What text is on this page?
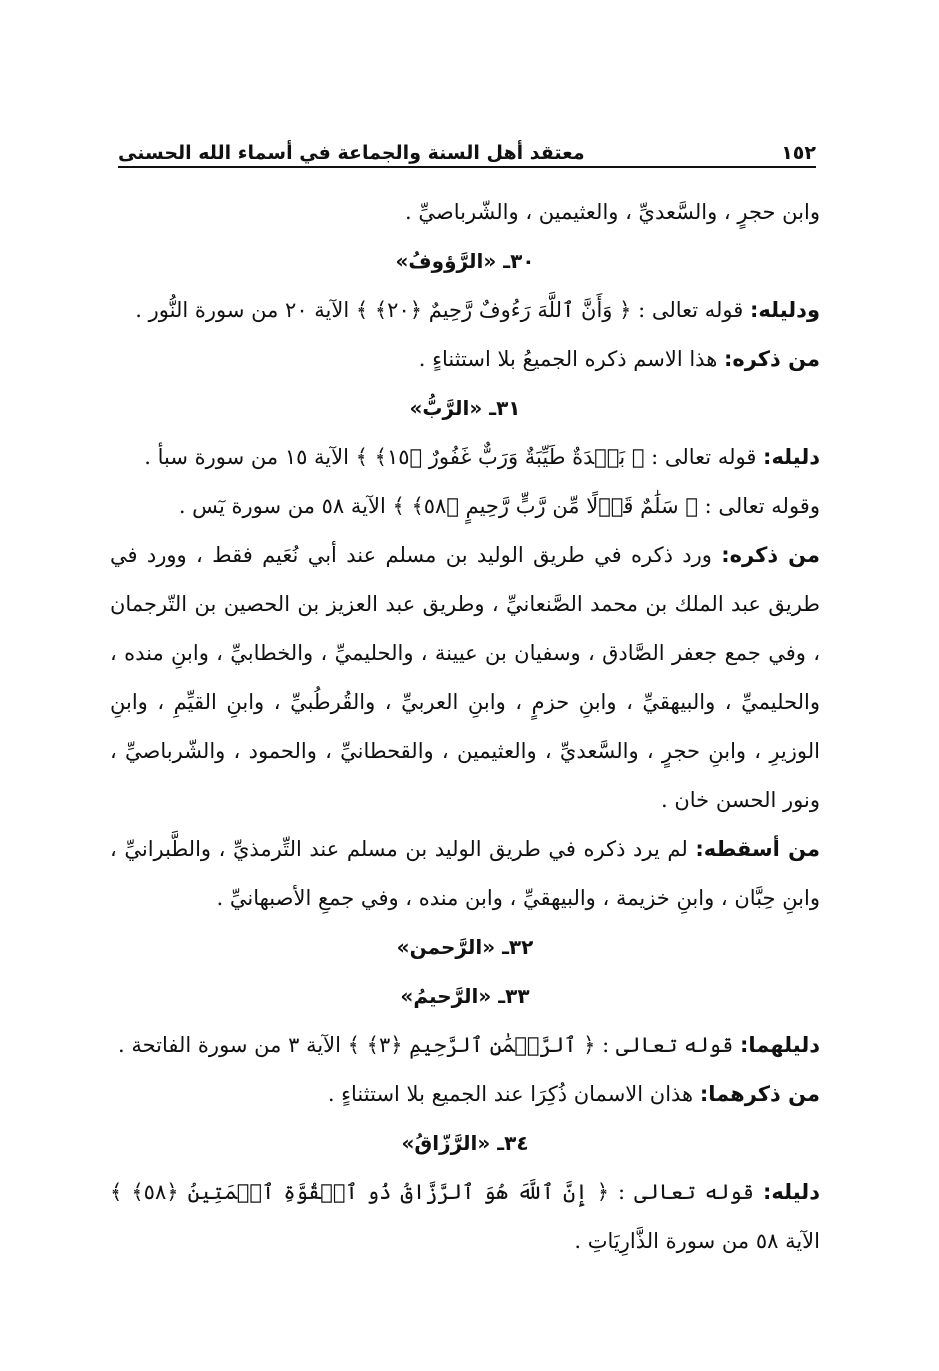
١٥٢
معتقد أهل السنة والجماعة في أسماء الله الحسنى

وابن حجرٍ ، والسَّعديِّ ، والعثيمين ، والشّرباصيِّ .

٣٠ـ «الرَّؤوفُ»

ودليله: قوله تعالى : ﴿ وَأَنَّ ٱللَّهَ رَءُوفٌ رَّحِيمٌ ﴿٢٠﴾ ﴾ الآية ٢٠ من سورة النُّور .

من ذكره: هذا الاسم ذكره الجميعُ بلا استثناءٍ .

٣١ـ «الرَّبُّ»

دليله: قوله تعالى : ﴿ بَلۡدَةٌ طَيِّبَةٌ وَرَبٌّ غَفُورٌ ﴿١٥﴾ ﴾ الآية ١٥ من سورة سبأ .

وقوله تعالى : ﴿ سَلَٰمٌ قَوۡلًا مِّن رَّبٍّ رَّحِيمٍ ﴿٥٨﴾ ﴾ الآية ٥٨ من سورة يٓس .

من ذكره: ورد ذكره في طريق الوليد بن مسلم عند أبي نُعَيم فقط ، وورد في طريق عبد الملك بن محمد الصَّنعانيِّ ، وطريق عبد العزيز بن الحصين بن التّرجمان ، وفي جمع جعفر الصَّادق ، وسفيان بن عيينة ، والحليميِّ ، والخطابيِّ ، وابنِ منده ، والحليميِّ ، والبيهقيِّ ، وابنِ حزمٍ ، وابنِ العربيِّ ، والقُرطُبيِّ ، وابنِ القيِّمِ ، وابنِ الوزيرِ ، وابنِ حجرٍ ، والسَّعديِّ ، والعثيمين ، والقحطانيِّ ، والحمود ، والشّرباصيِّ ، ونور الحسن خان .

من أسقطه: لم يرد ذكره في طريق الوليد بن مسلم عند التِّرمذيِّ ، والطَّبرانيِّ ، وابنِ حِبَّان ، وابنِ خزيمة ، والبيهقيِّ ، وابن منده ، وفي جمعِ الأصبهانيِّ .

٣٢ـ «الرَّحمن»

٣٣ـ «الرَّحيمُ»

دليلهما: قوله تعالى : ﴿ ٱلرَّحۡمَٰنِ ٱلرَّحِيمِ ﴿٣﴾ ﴾ الآية ٣ من سورة الفاتحة .

من ذكرهما: هذان الاسمان ذُكِرَا عند الجميع بلا استثناءٍ .

٣٤ـ «الرَّزّاقُ»

دليله: قوله تعالى : ﴿ إِنَّ ٱللَّهَ هُوَ ٱلرَّزَّاقُ ذُو ٱلۡقُوَّةِ ٱلۡمَتِينُ ﴿٥٨﴾ ﴾ الآية ٥٨ من سورة الذَّارِيَاتِ .
